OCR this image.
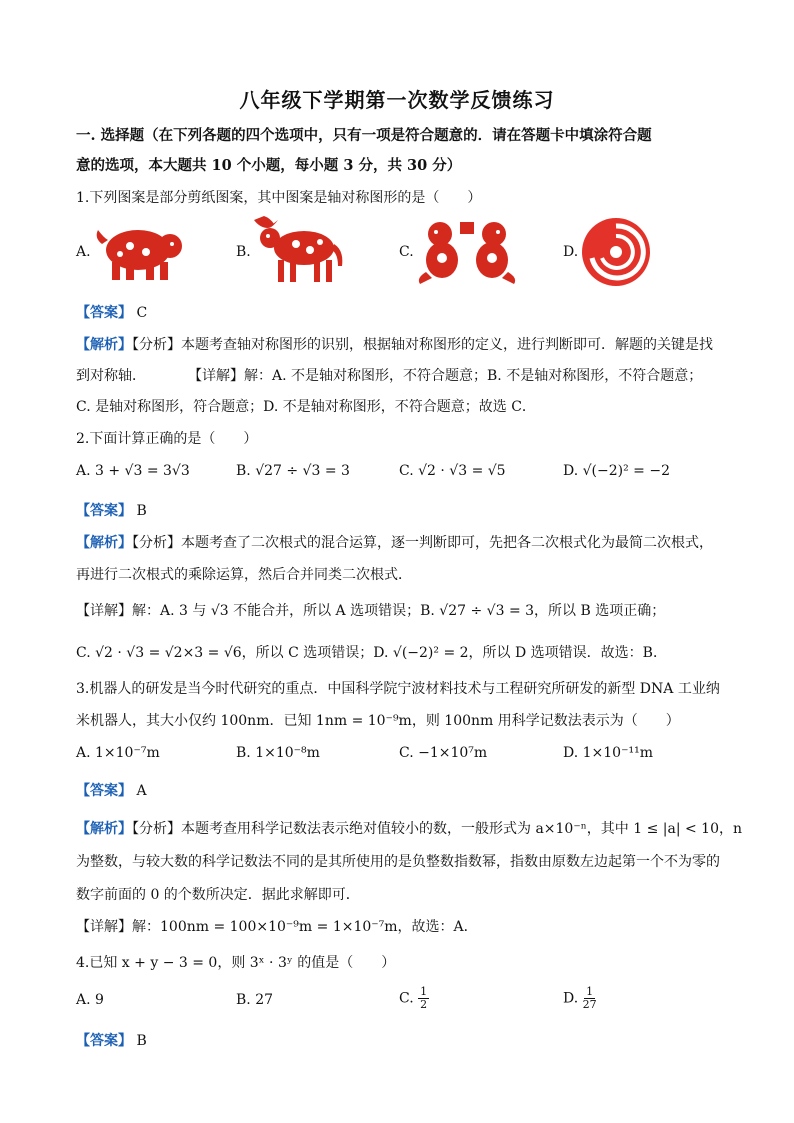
八年级下学期第一次数学反馈练习
一. 选择题（在下列各题的四个选项中，只有一项是符合题意的．请在答题卡中填涂符合题
意的选项，本大题共 10 个小题，每小题 3 分，共 30 分）
1.下列图案是部分剪纸图案，其中图案是轴对称图形的是（　　）
A.	B.	C.	D.
【答案】 C
【解析】【分析】本题考查轴对称图形的识别，根据轴对称图形的定义，进行判断即可．解题的关键是找
到对称轴．　　　　【详解】解：A. 不是轴对称图形，不符合题意；B. 不是轴对称图形，不符合题意；
C. 是轴对称图形，符合题意；D. 不是轴对称图形，不符合题意；故选 C．
2.下面计算正确的是（　　）
A. 3 + √3 = 3√3	B. √27 ÷ √3 = 3	C. √2 · √3 = √5	D. √(−2)² = −2
【答案】 B
【解析】【分析】本题考查了二次根式的混合运算，逐一判断即可，先把各二次根式化为最简二次根式，
再进行二次根式的乘除运算，然后合并同类二次根式．
【详解】解：A. 3 与 √3 不能合并，所以 A 选项错误；B. √27 ÷ √3 = 3，所以 B 选项正确；
C. √2 · √3 = √2×3 = √6，所以 C 选项错误；D. √(−2)² = 2，所以 D 选项错误．故选：B．
3.机器人的研发是当今时代研究的重点．中国科学院宁波材料技术与工程研究所研发的新型 DNA 工业纳
米机器人，其大小仅约 100nm．已知 1nm = 10⁻⁹m，则 100nm 用科学记数法表示为（　　）
A. 1×10⁻⁷m	B. 1×10⁻⁸m	C. −1×10⁷m	D. 1×10⁻¹¹m
【答案】 A
【解析】【分析】本题考查用科学记数法表示绝对值较小的数，一般形式为 a×10⁻ⁿ，其中 1 ≤ |a| < 10，n
为整数，与较大数的科学记数法不同的是其所使用的是负整数指数幂，指数由原数左边起第一个不为零的
数字前面的 0 的个数所决定．据此求解即可．
【详解】解：100nm = 100×10⁻⁹m = 1×10⁻⁷m，故选：A．
4.已知 x + y − 3 = 0，则 3ˣ · 3ʸ 的值是（　　）
A. 9	B. 27	C. $\frac{1}{2}$	D. $\frac{1}{27}$
【答案】 B
